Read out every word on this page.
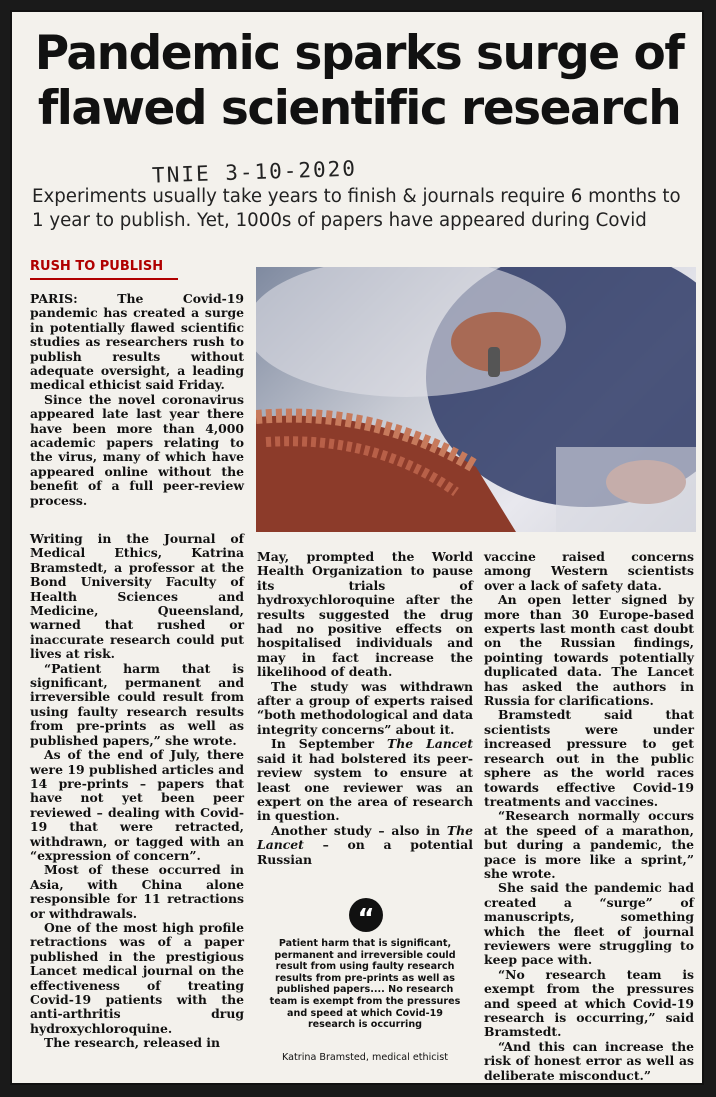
Pandemic sparks surge of flawed scientific research
TNIE 3-10-2020
Experiments usually take years to finish & journals require 6 months to 1 year to publish. Yet, 1000s of papers have appeared during Covid
RUSH TO PUBLISH

PARIS: The Covid-19 pandemic has created a surge in potentially flawed scientific studies as researchers rush to publish results without adequate oversight, a leading medical ethicist said Friday.

Since the novel coronavirus appeared late last year there have been more than 4,000 academic papers relating to the virus, many of which have appeared online without the benefit of a full peer-review process.

Writing in the Journal of Medical Ethics, Katrina Bramstedt, a professor at the Bond University Faculty of Health Sciences and Medicine, Queensland, warned that rushed or inaccurate research could put lives at risk.

“Patient harm that is significant, permanent and irreversible could result from using faulty research results from pre-prints as well as published papers,” she wrote.

As of the end of July, there were 19 published articles and 14 pre-prints – papers that have not yet been peer reviewed – dealing with Covid-19 that were retracted, withdrawn, or tagged with an “expression of concern”.

Most of these occurred in Asia, with China alone responsible for 11 retractions or withdrawals.

One of the most high profile retractions was of a paper published in the prestigious Lancet medical journal on the effectiveness of treating Covid-19 patients with the anti-arthritis drug hydroxychloroquine.

The research, released in

May, prompted the World Health Organization to pause its trials of hydroxychloroquine after the results suggested the drug had no positive effects on hospitalised individuals and may in fact increase the likelihood of death.

The study was withdrawn after a group of experts raised “both methodological and data integrity concerns” about it.

In September The Lancet said it had bolstered its peer-review system to ensure at least one reviewer was an expert on the area of research in question.

Another study – also in The Lancet – on a potential Russian

“
Patient harm that is significant, permanent and irreversible could result from using faulty research results from pre-prints as well as published papers.... No research team is exempt from the pressures and speed at which Covid-19 research is occurring
Katrina Bramsted, medical ethicist

vaccine raised concerns among Western scientists over a lack of safety data.

An open letter signed by more than 30 Europe-based experts last month cast doubt on the Russian findings, pointing towards potentially duplicated data. The Lancet has asked the authors in Russia for clarifications.

Bramstedt said that scientists were under increased pressure to get research out in the public sphere as the world races towards effective Covid-19 treatments and vaccines.

“Research normally occurs at the speed of a marathon, but during a pandemic, the pace is more like a sprint,” she wrote.

She said the pandemic had created a “surge” of manuscripts, something which the fleet of journal reviewers were struggling to keep pace with.

“No research team is exempt from the pressures and speed at which Covid-19 research is occurring,” said Bramstedt.

“And this can increase the risk of honest error as well as deliberate misconduct.”
